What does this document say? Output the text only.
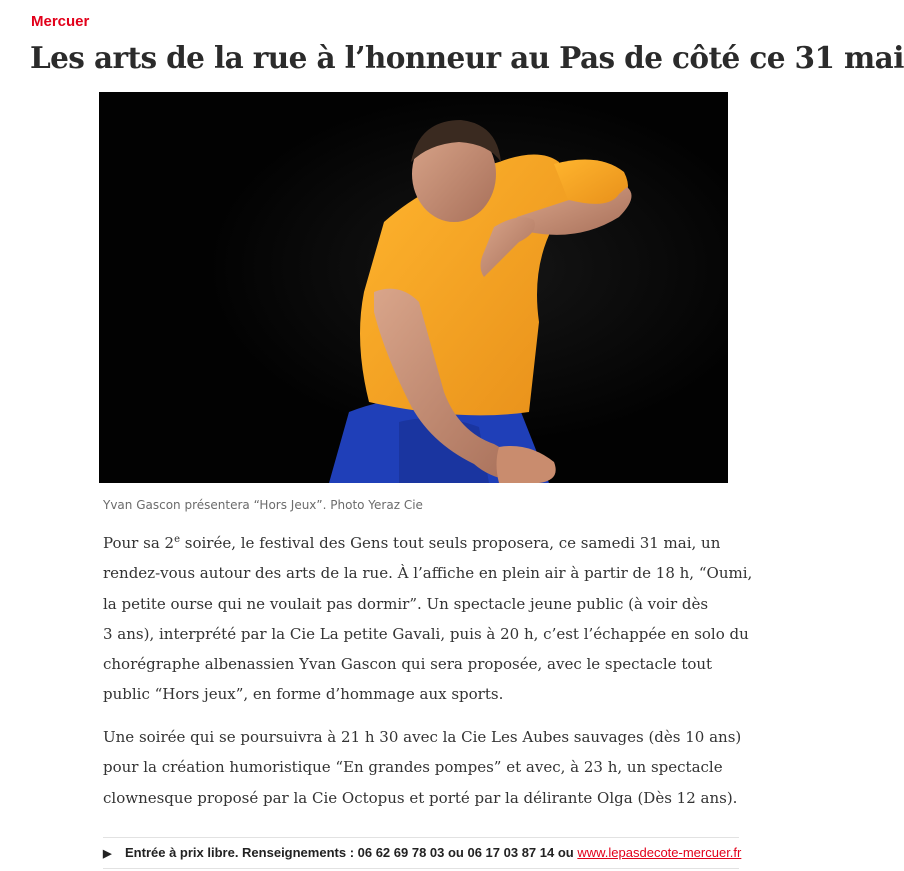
Mercuer
Les arts de la rue à l’honneur au Pas de côté ce 31 mai
Yvan Gascon présentera “Hors Jeux”. Photo Yeraz Cie

Pour sa 2e soirée, le festival des Gens tout seuls proposera, ce samedi 31 mai, un
rendez-vous autour des arts de la rue. À l’affiche en plein air à partir de 18 h, “Oumi,
la petite ourse qui ne voulait pas dormir”. Un spectacle jeune public (à voir dès
3 ans), interprété par la Cie La petite Gavali, puis à 20 h, c’est l’échappée en solo du
chorégraphe albenassien Yvan Gascon qui sera proposée, avec le spectacle tout
public “Hors jeux”, en forme d’hommage aux sports.

Une soirée qui se poursuivra à 21 h 30 avec la Cie Les Aubes sauvages (dès 10 ans)
pour la création humoristique “En grandes pompes” et avec, à 23 h, un spectacle
clownesque proposé par la Cie Octopus et porté par la délirante Olga (Dès 12 ans).

▶ Entrée à prix libre. Renseignements : 06 62 69 78 03 ou 06 17 03 87 14 ou www.lepasdecote-mercuer.fr
